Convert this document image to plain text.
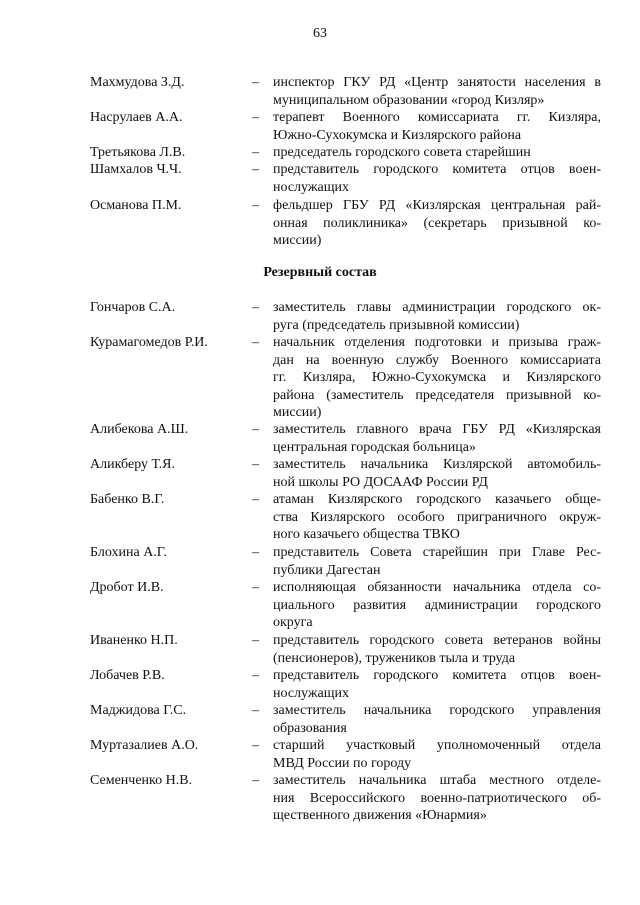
63
Махмудова З.Д.	– инспектор ГКУ РД «Центр занятости населения в
муниципальном образовании «город Кизляр»
Насрулаев А.А.	– терапевт Военного комиссариата гг. Кизляра,
Южно-Сухокумска и Кизлярского района
Третьякова Л.В.	– председатель городского совета старейшин
Шамхалов Ч.Ч.	– представитель городского комитета отцов воен-
нослужащих
Османова П.М.	– фельдшер ГБУ РД «Кизлярская центральная рай-
онная поликлиника» (секретарь призывной ко-
миссии)
Резервный состав
Гончаров С.А.	– заместитель главы администрации городского ок-
руга (председатель призывной комиссии)
Курамагомедов Р.И.	– начальник отделения подготовки и призыва граж-
дан на военную службу Военного комиссариата
гг. Кизляра, Южно-Сухокумска и Кизлярского
района (заместитель председателя призывной ко-
миссии)
Алибекова А.Ш.	– заместитель главного врача ГБУ РД «Кизлярская
центральная городская больница»
Аликберу Т.Я.	– заместитель начальника Кизлярской автомобиль-
ной школы РО ДОСААФ России РД
Бабенко В.Г.	– атаман Кизлярского городского казачьего обще-
ства Кизлярского особого приграничного окруж-
ного казачьего общества ТВКО
Блохина А.Г.	– представитель Совета старейшин при Главе Рес-
публики Дагестан
Дробот И.В.	– исполняющая обязанности начальника отдела со-
циального развития администрации городского
округа
Иваненко Н.П.	– представитель городского совета ветеранов войны
(пенсионеров), тружеников тыла и труда
Лобачев Р.В.	– представитель городского комитета отцов воен-
нослужащих
Маджидова Г.С.	– заместитель начальника городского управления
образования
Муртазалиев А.О.	– старший участковый уполномоченный отдела
МВД России по городу
Семенченко Н.В.	– заместитель начальника штаба местного отделе-
ния Всероссийского военно-патриотического об-
щественного движения «Юнармия»
